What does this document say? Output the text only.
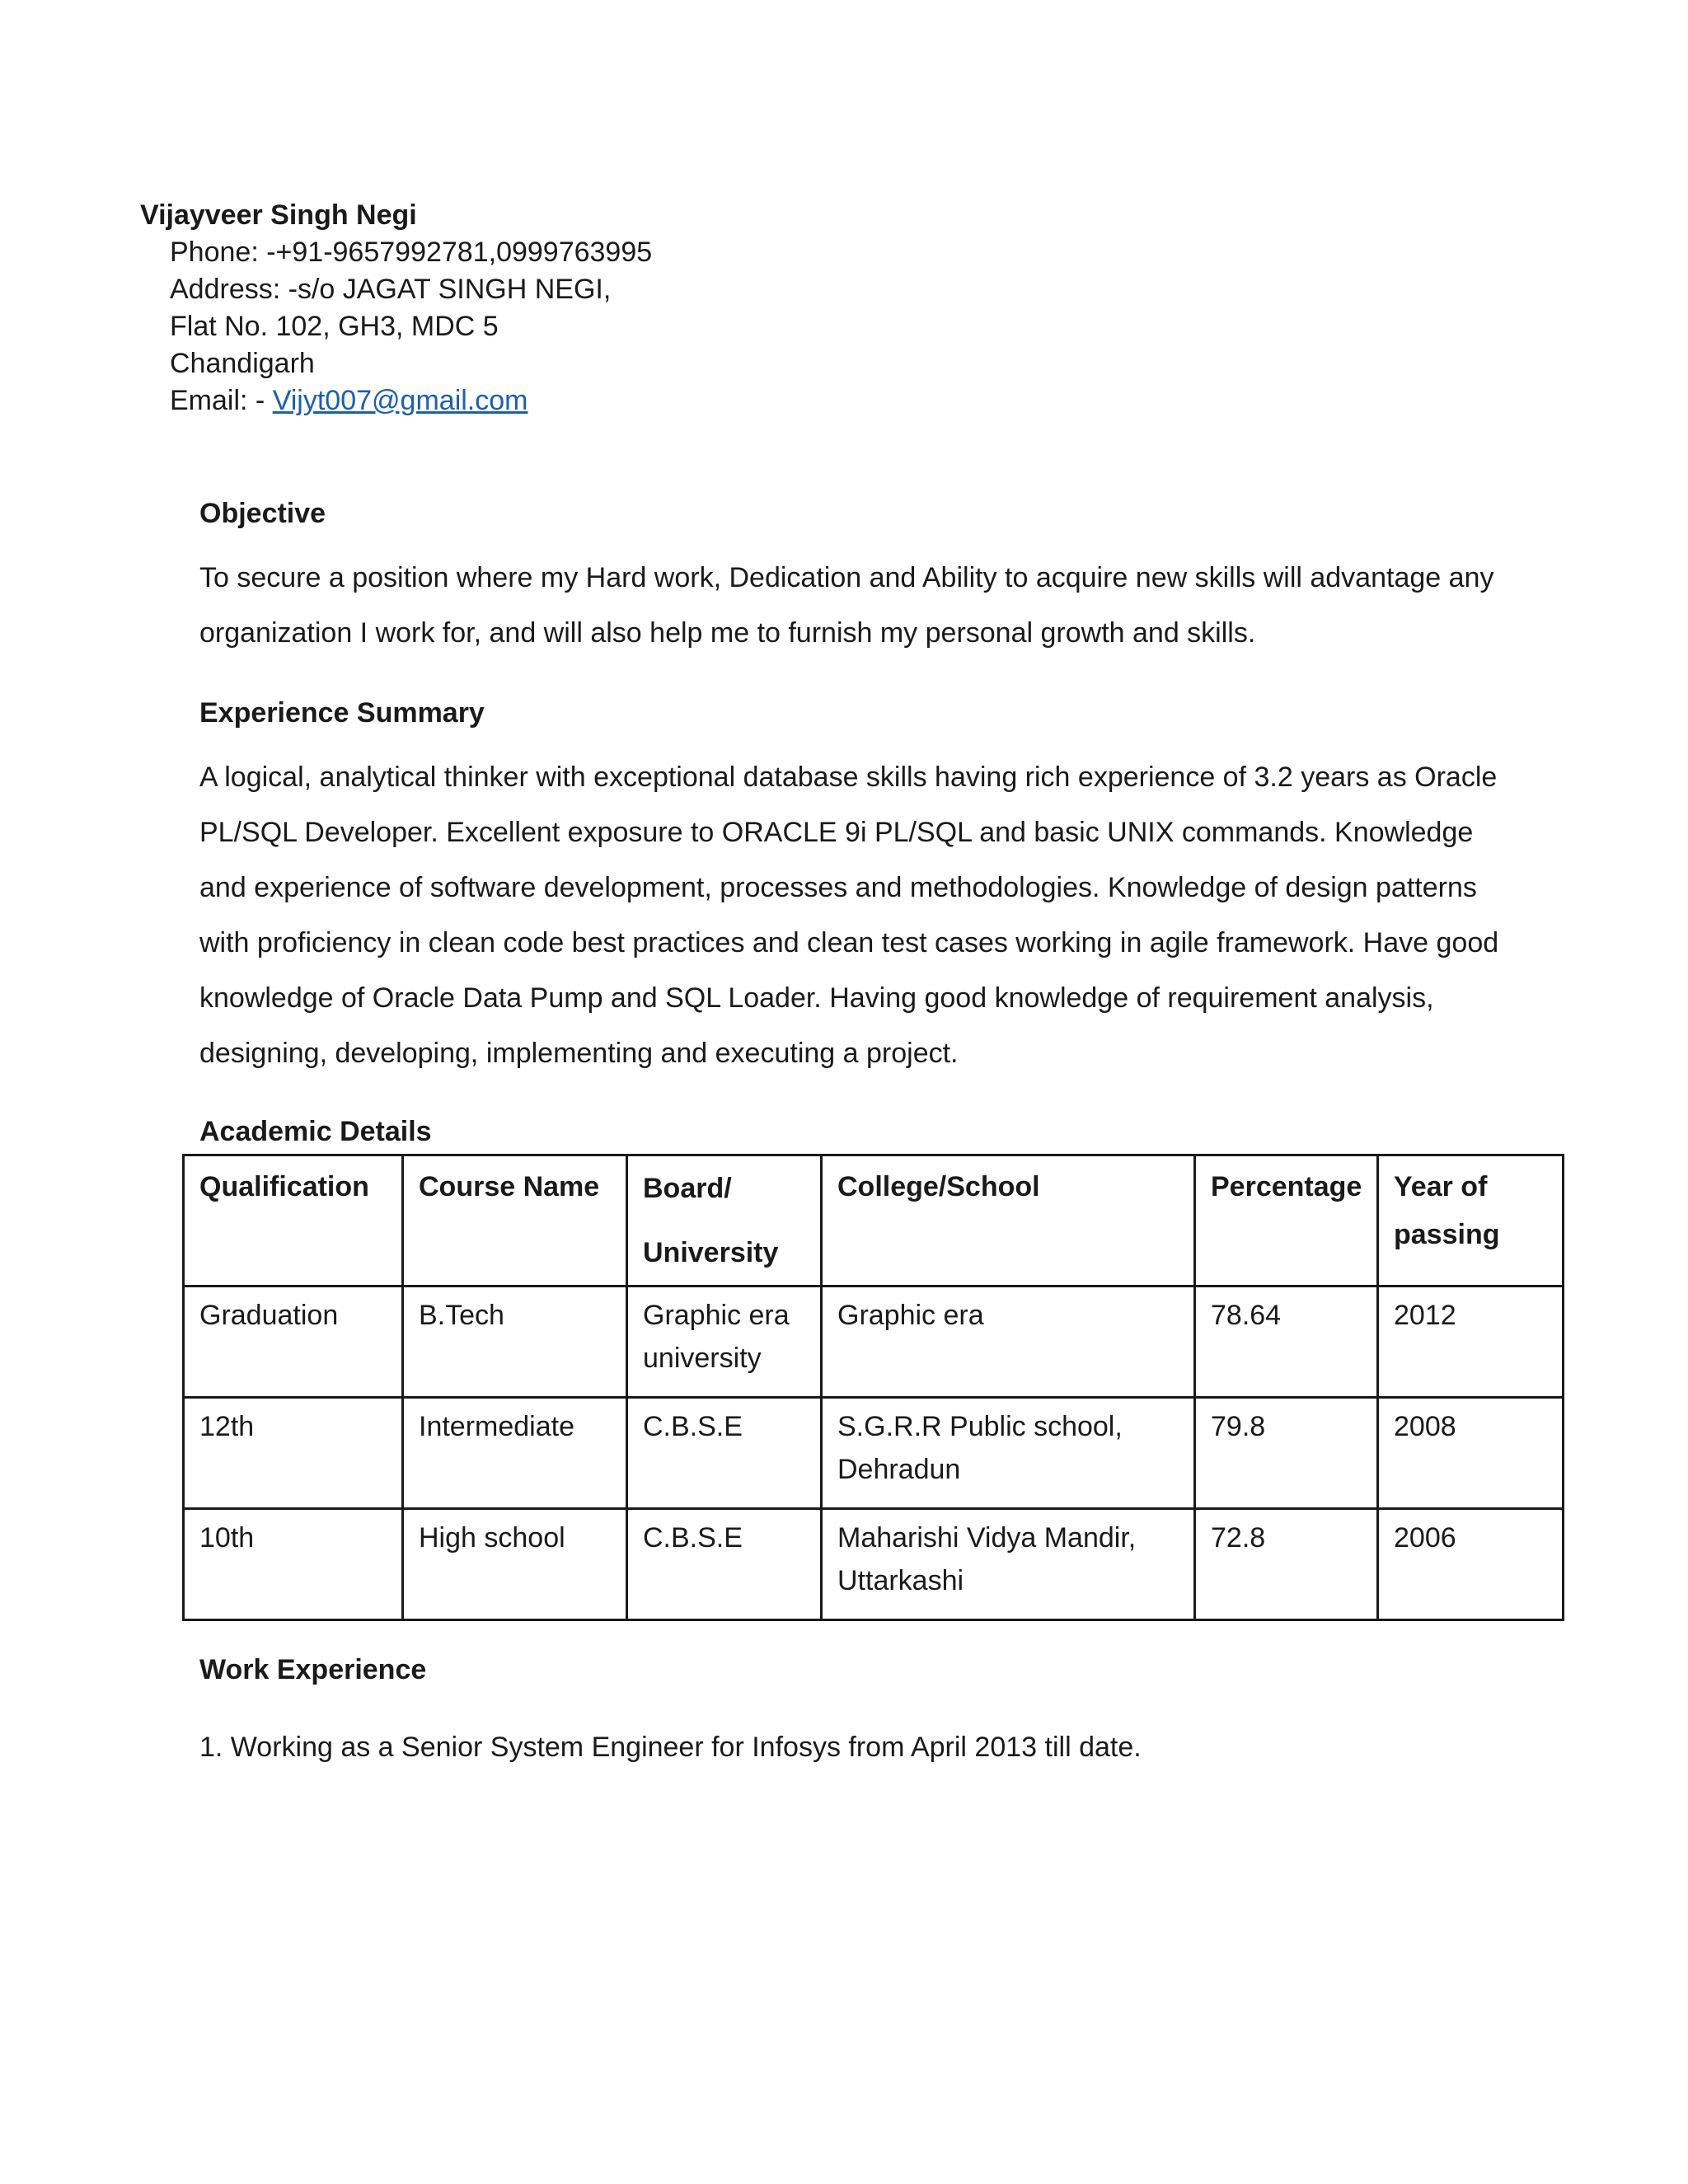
Vijayveer Singh Negi
Phone: -+91-9657992781,0999763995
Address: -s/o JAGAT SINGH NEGI,
Flat No. 102, GH3, MDC 5
Chandigarh
Email: - Vijyt007@gmail.com
Objective

To secure a position where my Hard work, Dedication and Ability to acquire new skills will advantage any organization I work for, and will also help me to furnish my personal growth and skills.

Experience Summary

A logical, analytical thinker with exceptional database skills having rich experience of 3.2 years as Oracle PL/SQL Developer. Excellent exposure to ORACLE 9i PL/SQL and basic UNIX commands. Knowledge and experience of software development, processes and methodologies. Knowledge of design patterns with proficiency in clean code best practices and clean test cases working in agile framework. Have good knowledge of Oracle Data Pump and SQL Loader. Having good knowledge of requirement analysis, designing, developing, implementing and executing a project.

Academic Details
Qualification	Course Name	Board/ University	College/School	Percentage	Year of passing
Graduation	B.Tech	Graphic era university	Graphic era	78.64	2012
12th	Intermediate	C.B.S.E	S.G.R.R Public school, Dehradun	79.8	2008
10th	High school	C.B.S.E	Maharishi Vidya Mandir, Uttarkashi	72.8	2006
Work Experience
1. Working as a Senior System Engineer for Infosys from April 2013 till date.
